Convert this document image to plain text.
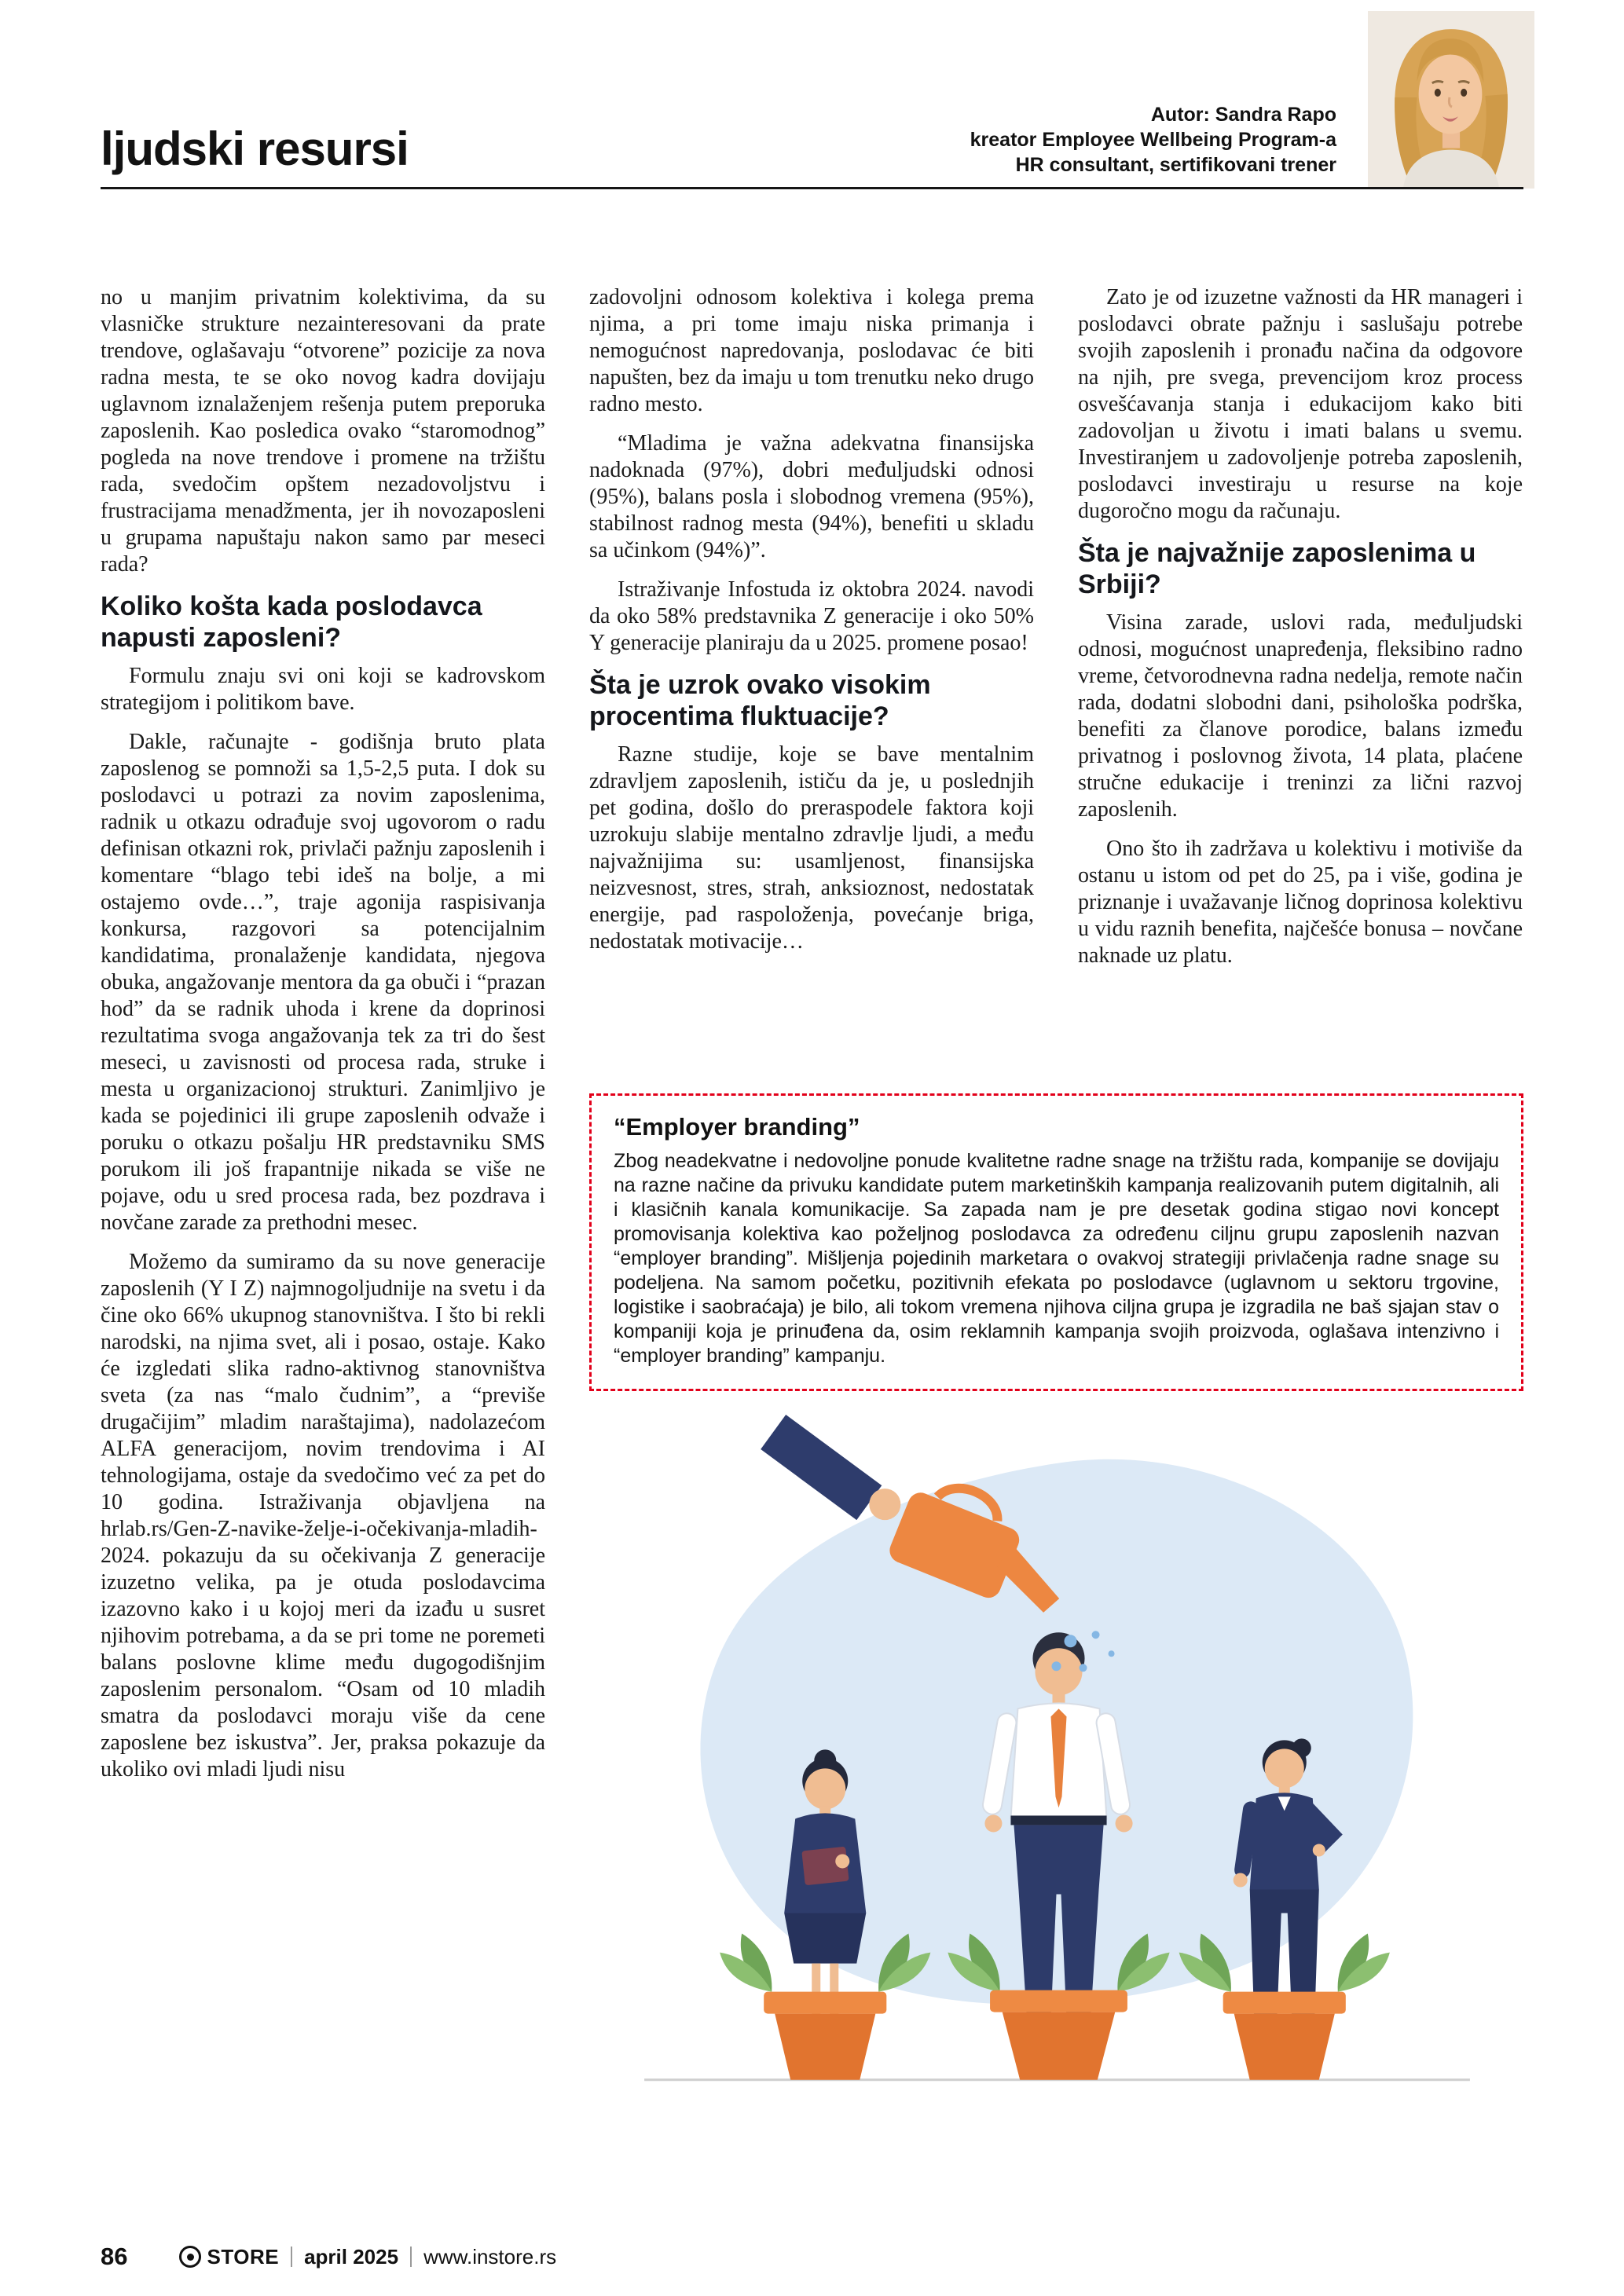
ljudski resursi
Autor: Sandra Rapo
kreator Employee Wellbeing Program-a
HR consultant, sertifikovani trener

no u manjim privatnim kolektivima, da su vlasničke strukture nezainteresovani da prate trendove, oglašavaju “otvorene” pozicije za nova radna mesta, te se oko novog kadra dovijaju uglavnom iznalaženjem rešenja putem preporuka zaposlenih. Kao posledica ovako “staromodnog” pogleda na nove trendove i promene na tržištu rada, svedočim opštem nezadovoljstvu i frustracijama menadžmenta, jer ih novozaposleni u grupama napuštaju nakon samo par meseci rada?

Koliko košta kada poslodavca napusti zaposleni?

Formulu znaju svi oni koji se kadrovskom strategijom i politikom bave.

Dakle, računajte - godišnja bruto plata zaposlenog se pomnoži sa 1,5-2,5 puta. I dok su poslodavci u potrazi za novim zaposlenima, radnik u otkazu odrađuje svoj ugovorom o radu definisan otkazni rok, privlači pažnju zaposlenih i komentare “blago tebi ideš na bolje, a mi ostajemo ovde…”, traje agonija raspisivanja konkursa, razgovori sa potencijalnim kandidatima, pronalaženje kandidata, njegova obuka, angažovanje mentora da ga obuči i “prazan hod” da se radnik uhoda i krene da doprinosi rezultatima svoga angažovanja tek za tri do šest meseci, u zavisnosti od procesa rada, struke i mesta u organizacionoj strukturi. Zanimljivo je kada se pojedinici ili grupe zaposlenih odvaže i poruku o otkazu pošalju HR predstavniku SMS porukom ili još frapantnije nikada se više ne pojave, odu u sred procesa rada, bez pozdrava i novčane zarade za prethodni mesec.

Možemo da sumiramo da su nove generacije zaposlenih (Y I Z) najmnogoljudnije na svetu i da čine oko 66% ukupnog stanovništva. I što bi rekli narodski, na njima svet, ali i posao, ostaje. Kako će izgledati slika radno-aktivnog stanovništva sveta (za nas “malo čudnim”, a “previše drugačijim” mladim naraštajima), nadolazećom ALFA generacijom, novim trendovima i AI tehnologijama, ostaje da svedočimo već za pet do 10 godina. Istraživanja objavljena na hrlab.rs/Gen-Z-navike-želje-i-očekivanja-mladih-2024. pokazuju da su očekivanja Z generacije izuzetno velika, pa je otuda poslodavcima izazovno kako i u kojoj meri da izađu u susret njihovim potrebama, a da se pri tome ne poremeti balans poslovne klime među dugogodišnjim zaposlenim personalom. “Osam od 10 mladih smatra da poslodavci moraju više da cene zaposlene bez iskustva”. Jer, praksa pokazuje da ukoliko ovi mladi ljudi nisu

zadovoljni odnosom kolektiva i kolega prema njima, a pri tome imaju niska primanja i nemogućnost napredovanja, poslodavac će biti napušten, bez da imaju u tom trenutku neko drugo radno mesto.

“Mladima je važna adekvatna finansijska nadoknada (97%), dobri međuljudski odnosi (95%), balans posla i slobodnog vremena (95%), stabilnost radnog mesta (94%), benefiti u skladu sa učinkom (94%)”.

Istraživanje Infostuda iz oktobra 2024. navodi da oko 58% predstavnika Z generacije i oko 50% Y generacije planiraju da u 2025. promene posao!

Šta je uzrok ovako visokim procentima fluktuacije?

Razne studije, koje se bave mentalnim zdravljem zaposlenih, ističu da je, u poslednjih pet godina, došlo do preraspodele faktora koji uzrokuju slabije mentalno zdravlje ljudi, a među najvažnijima su: usamljenost, finansijska neizvesnost, stres, strah, anksioznost, nedostatak energije, pad raspoloženja, povećanje briga, nedostatak motivacije…

Zato je od izuzetne važnosti da HR manageri i poslodavci obrate pažnju i saslušaju potrebe svojih zaposlenih i pronađu načina da odgovore na njih, pre svega, prevencijom kroz process osvešćavanja stanja i edukacijom kako biti zadovoljan u životu i imati balans u svemu. Investiranjem u zadovoljenje potreba zaposlenih, poslodavci investiraju u resurse na koje dugoročno mogu da računaju.

Šta je najvažnije zaposlenima u Srbiji?

Visina zarade, uslovi rada, međuljudski odnosi, mogućnost unapređenja, fleksibino radno vreme, četvorodnevna radna nedelja, remote način rada, dodatni slobodni dani, psihološka podrška, benefiti za članove porodice, balans između privatnog i poslovnog života, 14 plata, plaćene stručne edukacije i treninzi za lični razvoj zaposlenih.

Ono što ih zadržava u kolektivu i motiviše da ostanu u istom od pet do 25, pa i više, godina je priznanje i uvažavanje ličnog doprinosa kolektivu u vidu raznih benefita, najčešće bonusa – novčane naknade uz platu.

“Employer branding”

Zbog neadekvatne i nedovoljne ponude kvalitetne radne snage na tržištu rada, kompanije se dovijaju na razne načine da privuku kandidate putem marketinških kampanja realizovanih putem digitalnih, ali i klasičnih kanala komunikacije. Sa zapada nam je pre desetak godina stigao novi koncept promovisanja kolektiva kao poželjnog poslodavca za određenu ciljnu grupu zaposlenih nazvan “employer branding”. Mišljenja pojedinih marketara o ovakvoj strategiji privlačenja radne snage su podeljena. Na samom početku, pozitivnih efekata po poslodavce (uglavnom u sektoru trgovine, logistike i saobraćaja) je bilo, ali tokom vremena njihova ciljna grupa je izgradila ne baš sjajan stav o kompaniji koja je prinuđena da, osim reklamnih kampanja svojih proizvoda, oglašava intenzivno i “employer branding” kampanju.

86	STORE april 2025 www.instore.rs
